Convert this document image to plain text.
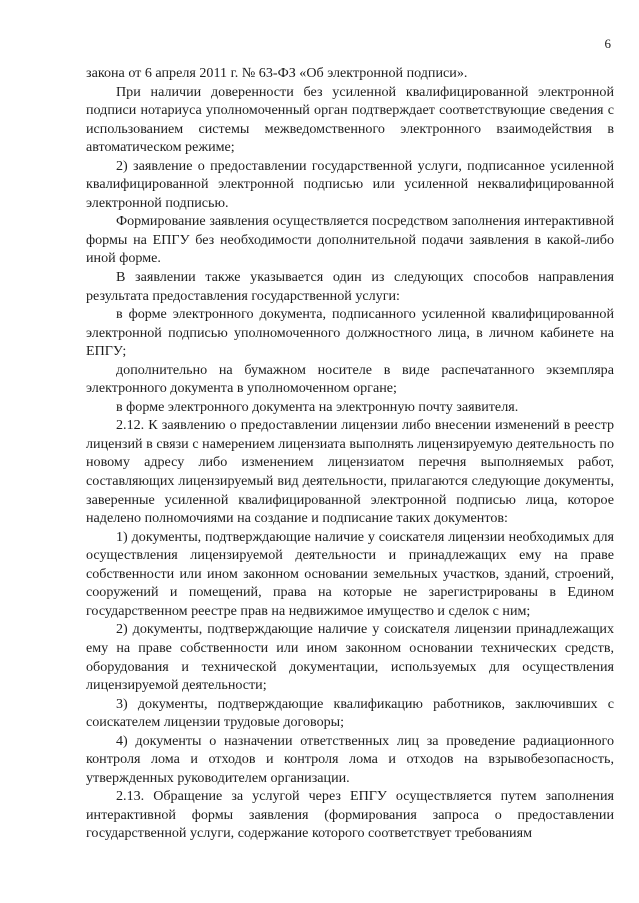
6

закона от 6 апреля 2011 г. № 63-ФЗ «Об электронной подписи».

При наличии доверенности без усиленной квалифицированной электронной подписи нотариуса уполномоченный орган подтверждает соответствующие сведения с использованием системы межведомственного электронного взаимодействия в автоматическом режиме;

2) заявление о предоставлении государственной услуги, подписанное усиленной квалифицированной электронной подписью или усиленной неквалифицированной электронной подписью.

Формирование заявления осуществляется посредством заполнения интерактивной формы на ЕПГУ без необходимости дополнительной подачи заявления в какой-либо иной форме.

В заявлении также указывается один из следующих способов направления результата предоставления государственной услуги:

в форме электронного документа, подписанного усиленной квалифицированной электронной подписью уполномоченного должностного лица, в личном кабинете на ЕПГУ;

дополнительно на бумажном носителе в виде распечатанного экземпляра электронного документа в уполномоченном органе;

в форме электронного документа на электронную почту заявителя.

2.12. К заявлению о предоставлении лицензии либо внесении изменений в реестр лицензий в связи с намерением лицензиата выполнять лицензируемую деятельность по новому адресу либо изменением лицензиатом перечня выполняемых работ, составляющих лицензируемый вид деятельности, прилагаются следующие документы, заверенные усиленной квалифицированной электронной подписью лица, которое наделено полномочиями на создание и подписание таких документов:

1) документы, подтверждающие наличие у соискателя лицензии необходимых для осуществления лицензируемой деятельности и принадлежащих ему на праве собственности или ином законном основании земельных участков, зданий, строений, сооружений и помещений, права на которые не зарегистрированы в Едином государственном реестре прав на недвижимое имущество и сделок с ним;

2) документы, подтверждающие наличие у соискателя лицензии принадлежащих ему на праве собственности или ином законном основании технических средств, оборудования и технической документации, используемых для осуществления лицензируемой деятельности;

3) документы, подтверждающие квалификацию работников, заключивших с соискателем лицензии трудовые договоры;

4) документы о назначении ответственных лиц за проведение радиационного контроля лома и отходов и контроля лома и отходов на взрывобезопасность, утвержденных руководителем организации.

2.13. Обращение за услугой через ЕПГУ осуществляется путем заполнения интерактивной формы заявления (формирования запроса о предоставлении государственной услуги, содержание которого соответствует требованиям
